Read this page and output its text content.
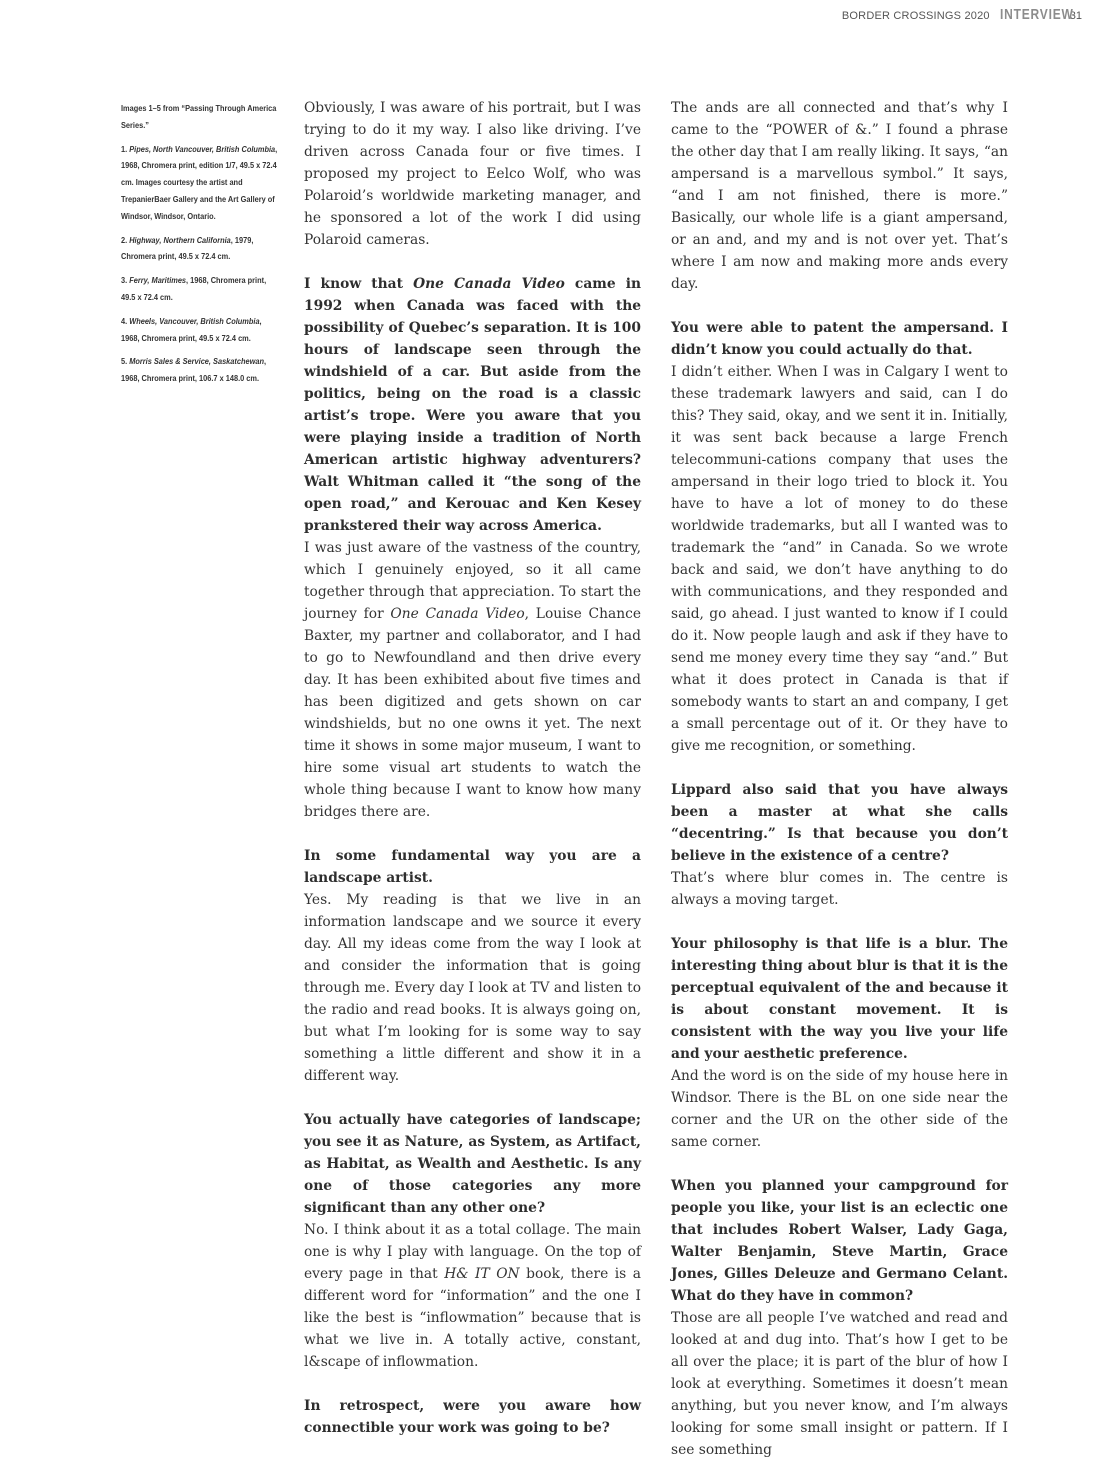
BORDER CROSSINGS 2020 INTERVIEW
31

Images 1–5 from “Passing Through America Series.”

1. Pipes, North Vancouver, British Columbia, 1968, Chromera print, edition 1/7, 49.5 x 72.4 cm. Images courtesy the artist and TrepanierBaer Gallery and the Art Gallery of Windsor, Windsor, Ontario.

2. Highway, Northern California, 1979, Chromera print, 49.5 x 72.4 cm.

3. Ferry, Maritimes, 1968, Chromera print, 49.5 x 72.4 cm.

4. Wheels, Vancouver, British Columbia, 1968, Chromera print, 49.5 x 72.4 cm.

5. Morris Sales & Service, Saskatchewan, 1968, Chromera print, 106.7 x 148.0 cm.

Obviously, I was aware of his portrait, but I was trying to do it my way. I also like driving. I’ve driven across Canada four or five times. I proposed my project to Eelco Wolf, who was Polaroid’s worldwide marketing manager, and he sponsored a lot of the work I did using Polaroid cameras.

I know that One Canada Video came in 1992 when Canada was faced with the possibility of Quebec’s separation. It is 100 hours of landscape seen through the windshield of a car. But aside from the politics, being on the road is a classic artist’s trope. Were you aware that you were playing inside a tradition of North American artistic highway adventurers? Walt Whitman called it “the song of the open road,” and Kerouac and Ken Kesey prankstered their way across America.

I was just aware of the vastness of the country, which I genuinely enjoyed, so it all came together through that appreciation. To start the journey for One Canada Video, Louise Chance Baxter, my partner and collaborator, and I had to go to Newfoundland and then drive every day. It has been exhibited about five times and has been digitized and gets shown on car windshields, but no one owns it yet. The next time it shows in some major museum, I want to hire some visual art students to watch the whole thing because I want to know how many bridges there are.

In some fundamental way you are a landscape artist.

Yes. My reading is that we live in an information landscape and we source it every day. All my ideas come from the way I look at and consider the information that is going through me. Every day I look at TV and listen to the radio and read books. It is always going on, but what I’m looking for is some way to say something a little different and show it in a different way.

You actually have categories of landscape; you see it as Nature, as System, as Artifact, as Habitat, as Wealth and Aesthetic. Is any one of those categories any more significant than any other one?

No. I think about it as a total collage. The main one is why I play with language. On the top of every page in that H& IT ON book, there is a different word for “information” and the one I like the best is “inflowmation” because that is what we live in. A totally active, constant, l&scape of inflowmation.

In retrospect, were you aware how connectible your work was going to be?

The ands are all connected and that’s why I came to the “POWER of &.” I found a phrase the other day that I am really liking. It says, “an ampersand is a marvellous symbol.” It says, “and I am not finished, there is more.” Basically, our whole life is a giant ampersand, or an and, and my and is not over yet. That’s where I am now and making more ands every day.

You were able to patent the ampersand. I didn’t know you could actually do that.

I didn’t either. When I was in Calgary I went to these trademark lawyers and said, can I do this? They said, okay, and we sent it in. Initially, it was sent back because a large French telecommuni-cations company that uses the ampersand in their logo tried to block it. You have to have a lot of money to do these worldwide trademarks, but all I wanted was to trademark the “and” in Canada. So we wrote back and said, we don’t have anything to do with communications, and they responded and said, go ahead. I just wanted to know if I could do it. Now people laugh and ask if they have to send me money every time they say “and.” But what it does protect in Canada is that if somebody wants to start an and company, I get a small percentage out of it. Or they have to give me recognition, or something.

Lippard also said that you have always been a master at what she calls “decentring.” Is that because you don’t believe in the existence of a centre?

That’s where blur comes in. The centre is always a moving target.

Your philosophy is that life is a blur. The interesting thing about blur is that it is the perceptual equivalent of the and because it is about constant movement. It is consistent with the way you live your life and your aesthetic preference.

And the word is on the side of my house here in Windsor. There is the BL on one side near the corner and the UR on the other side of the same corner.

When you planned your campground for people you like, your list is an eclectic one that includes Robert Walser, Lady Gaga, Walter Benjamin, Steve Martin, Grace Jones, Gilles Deleuze and Germano Celant. What do they have in common?

Those are all people I’ve watched and read and looked at and dug into. That’s how I get to be all over the place; it is part of the blur of how I look at everything. Sometimes it doesn’t mean anything, but you never know, and I’m always looking for some small insight or pattern. If I see something
